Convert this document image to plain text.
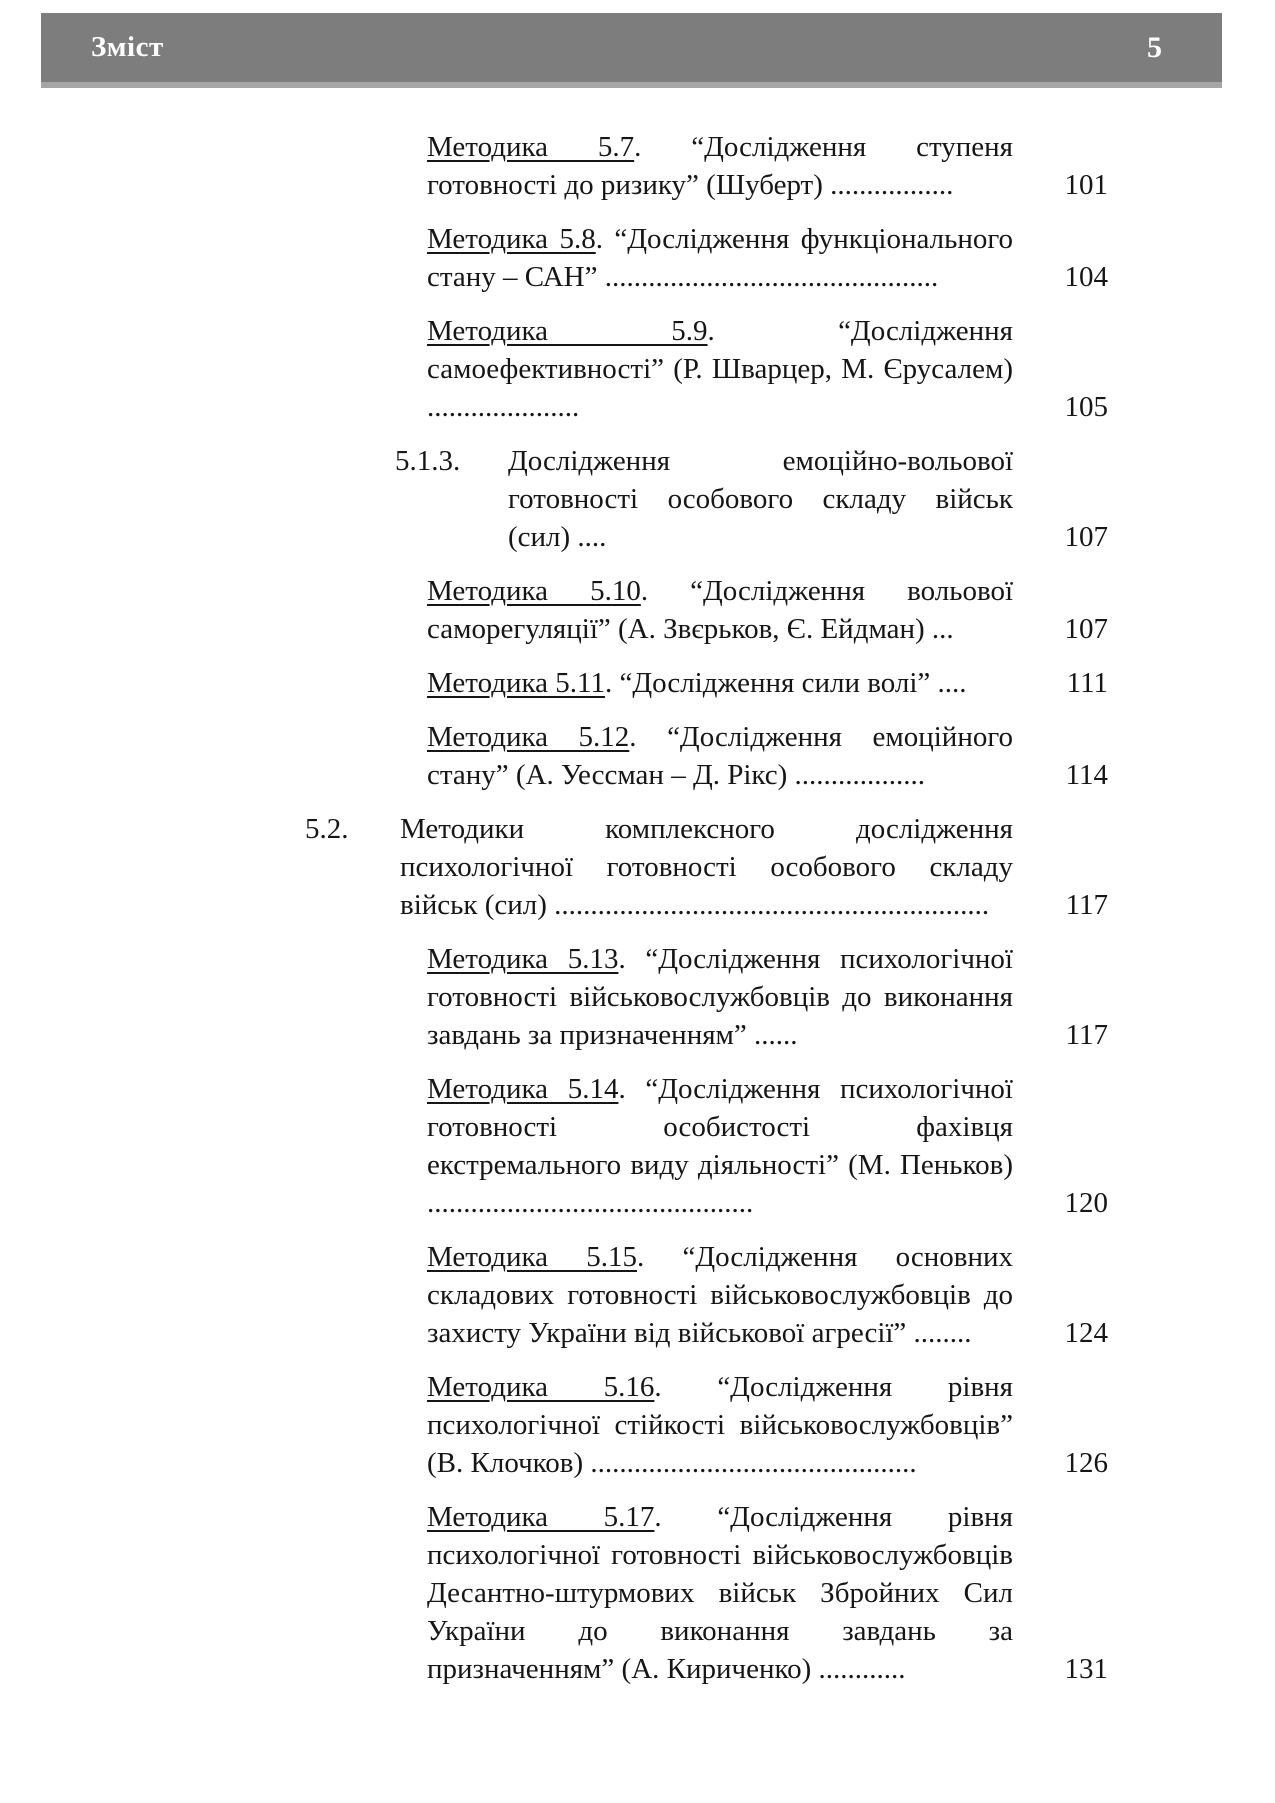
Зміст	5

Методика 5.7. “Дослідження ступеня готовності до ризику” (Шуберт) .................	101

Методика 5.8. “Дослідження функціонального стану – САН” ..............................................	104

Методика 5.9. “Дослідження самоефективності” (Р. Шварцер, М. Єрусалем) .....................	105
5.1.3. Дослідження емоційно-вольової готовності особового складу військ (сил) ....	107

Методика 5.10. “Дослідження вольової саморегуляції” (А. Звєрьков, Є. Ейдман) ...	107

Методика 5.11. “Дослідження сили волі” ....	111

Методика 5.12. “Дослідження емоційного стану” (А. Уессман – Д. Рікс) ..................	114
5.2. Методики комплексного дослідження психологічної готовності особового складу військ (сил) ............................................................	117

Методика 5.13. “Дослідження психологічної готовності військовослужбовців до виконання завдань за призначенням” ......	117

Методика 5.14. “Дослідження психологічної готовності особистості фахівця екстремального виду діяльності” (М. Пеньков) .............................................	120

Методика 5.15. “Дослідження основних складових готовності військовослужбовців до захисту України від військової агресії” ........	124

Методика 5.16. “Дослідження рівня психологічної стійкості військовослужбовців” (В. Клочков) .............................................	126

Методика 5.17. “Дослідження рівня психологічної готовності військовослужбовців Десантно-штурмових військ Збройних Сил України до виконання завдань за призначенням” (А. Кириченко) ............	131
